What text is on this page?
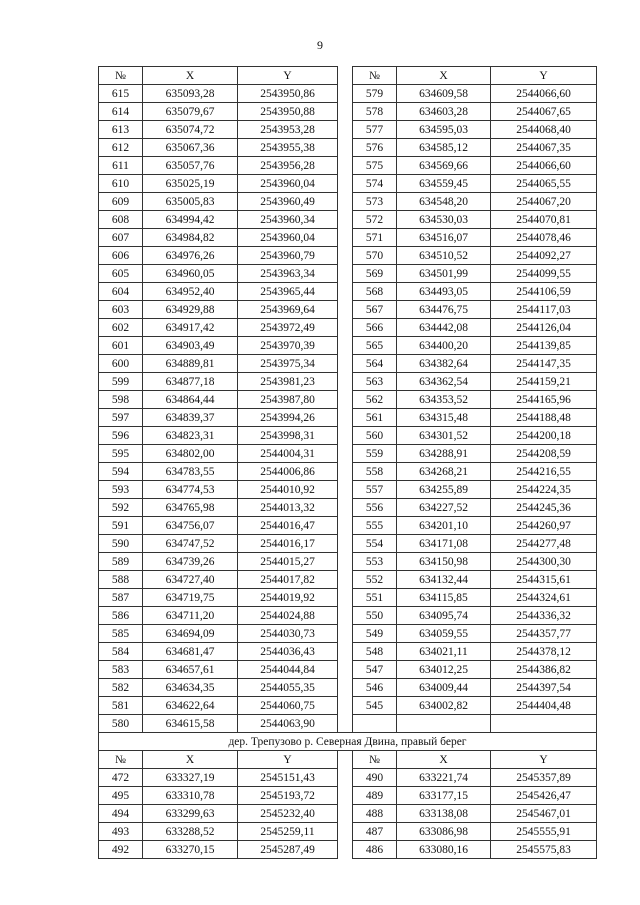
9
№	X	Y		№	X	Y
615	635093,28	2543950,86		579	634609,58	2544066,60
614	635079,67	2543950,88		578	634603,28	2544067,65
613	635074,72	2543953,28		577	634595,03	2544068,40
612	635067,36	2543955,38		576	634585,12	2544067,35
611	635057,76	2543956,28		575	634569,66	2544066,60
610	635025,19	2543960,04		574	634559,45	2544065,55
609	635005,83	2543960,49		573	634548,20	2544067,20
608	634994,42	2543960,34		572	634530,03	2544070,81
607	634984,82	2543960,04		571	634516,07	2544078,46
606	634976,26	2543960,79		570	634510,52	2544092,27
605	634960,05	2543963,34		569	634501,99	2544099,55
604	634952,40	2543965,44		568	634493,05	2544106,59
603	634929,88	2543969,64		567	634476,75	2544117,03
602	634917,42	2543972,49		566	634442,08	2544126,04
601	634903,49	2543970,39		565	634400,20	2544139,85
600	634889,81	2543975,34		564	634382,64	2544147,35
599	634877,18	2543981,23		563	634362,54	2544159,21
598	634864,44	2543987,80		562	634353,52	2544165,96
597	634839,37	2543994,26		561	634315,48	2544188,48
596	634823,31	2543998,31		560	634301,52	2544200,18
595	634802,00	2544004,31		559	634288,91	2544208,59
594	634783,55	2544006,86		558	634268,21	2544216,55
593	634774,53	2544010,92		557	634255,89	2544224,35
592	634765,98	2544013,32		556	634227,52	2544245,36
591	634756,07	2544016,47		555	634201,10	2544260,97
590	634747,52	2544016,17		554	634171,08	2544277,48
589	634739,26	2544015,27		553	634150,98	2544300,30
588	634727,40	2544017,82		552	634132,44	2544315,61
587	634719,75	2544019,92		551	634115,85	2544324,61
586	634711,20	2544024,88		550	634095,74	2544336,32
585	634694,09	2544030,73		549	634059,55	2544357,77
584	634681,47	2544036,43		548	634021,11	2544378,12
583	634657,61	2544044,84		547	634012,25	2544386,82
582	634634,35	2544055,35		546	634009,44	2544397,54
581	634622,64	2544060,75		545	634002,82	2544404,48
580	634615,58	2544063,90				
дер. Трепузово р. Северная Двина, правый берег						
№	X	Y		№	X	Y
472	633327,19	2545151,43		490	633221,74	2545357,89
495	633310,78	2545193,72		489	633177,15	2545426,47
494	633299,63	2545232,40		488	633138,08	2545467,01
493	633288,52	2545259,11		487	633086,98	2545555,91
492	633270,15	2545287,49		486	633080,16	2545575,83
